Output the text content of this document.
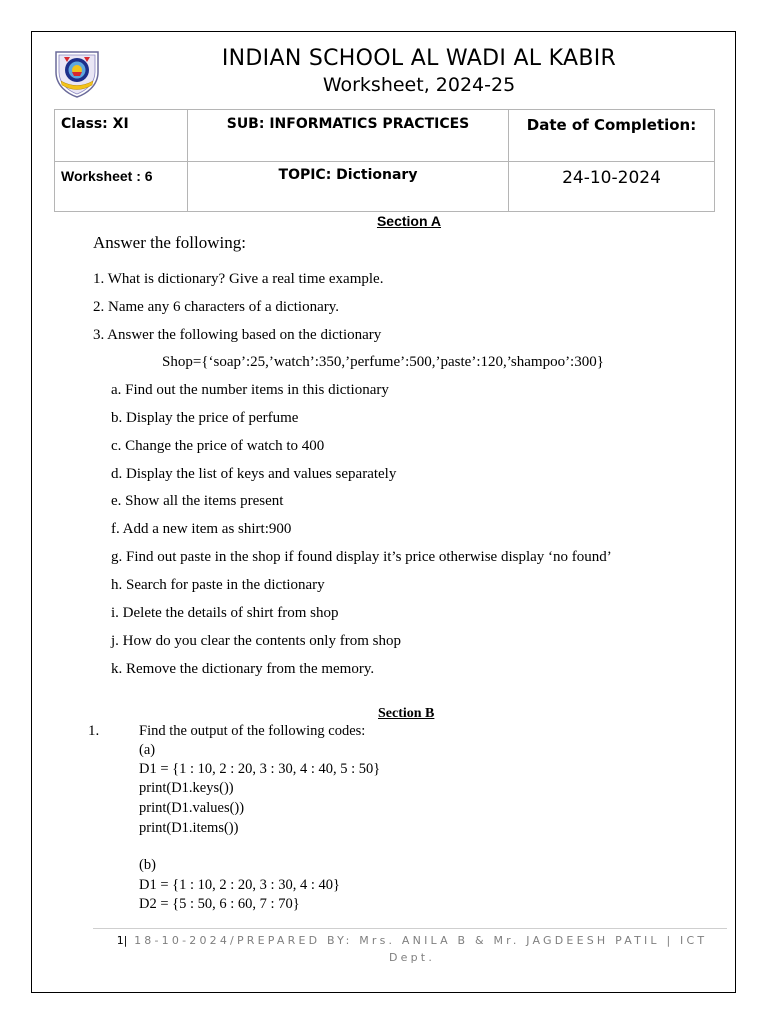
INDIAN SCHOOL AL WADI AL KABIR
Worksheet, 2024-25
Class: XI	SUB: INFORMATICS PRACTICES	Date of Completion:

Worksheet : 6	TOPIC: Dictionary	24-10-2024
Section A
Answer the following:
1. What is dictionary? Give a real time example.
2. Name any 6 characters of a dictionary.
3. Answer the following based on the dictionary
Shop={‘soap’:25,’watch’:350,’perfume’:500,’paste’:120,’shampoo’:300}
a. Find out the number items in this dictionary
b. Display the price of perfume
c. Change the price of watch to 400
d. Display the list of keys and values separately
e. Show all the items present
f. Add a new item as shirt:900
g. Find out paste in the shop if found display it’s price otherwise display ‘no found’
h. Search for paste in the dictionary
i. Delete the details of shirt from shop
j. How do you clear the contents only from shop
k. Remove the dictionary from the memory.
Section B
1.	Find the output of the following codes:
(a)
D1 = {1 : 10, 2 : 20, 3 : 30, 4 : 40, 5 : 50}
print(D1.keys())
print(D1.values())
print(D1.items())
(b)
D1 = {1 : 10, 2 : 20, 3 : 30, 4 : 40}
D2 = {5 : 50, 6 : 60, 7 : 70}
1| 18-10-2024/PREPARED BY: Mrs. ANILA B & Mr. JAGDEESH PATIL | ICT Dept.
